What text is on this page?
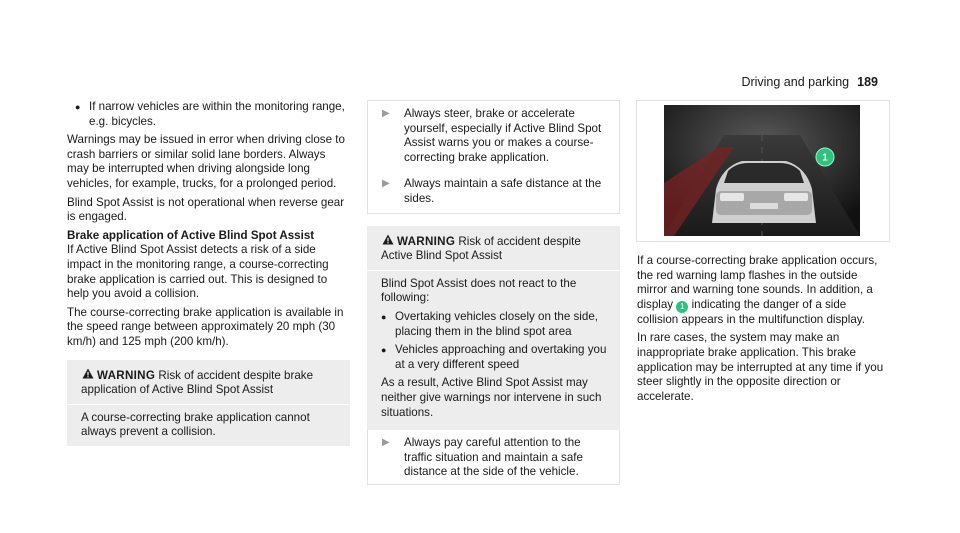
Driving and parking 189
● If narrow vehicles are within the monitoring range, e.g. bicycles.

Warnings may be issued in error when driving close to crash barriers or similar solid lane borders. Always may be interrupted when driving alongside long vehicles, for example, trucks, for a prolonged period.

Blind Spot Assist is not operational when reverse gear is engaged.

Brake application of Active Blind Spot Assist

If Active Blind Spot Assist detects a risk of a side impact in the monitoring range, a course-correcting brake application is carried out. This is designed to help you avoid a collision.

The course-correcting brake application is available in the speed range between approximately 20 mph (30 km/h) and 125 mph (200 km/h).

WARNING Risk of accident despite brake application of Active Blind Spot Assist
A course-correcting brake application cannot always prevent a collision.
▶	Always steer, brake or accelerate yourself, especially if Active Blind Spot Assist warns you or makes a course-correcting brake application.
▶	Always maintain a safe distance at the sides.
WARNING Risk of accident despite Active Blind Spot Assist

Blind Spot Assist does not react to the following:

● Overtaking vehicles closely on the side, placing them in the blind spot area
● Vehicles approaching and overtaking you at a very different speed

As a result, Active Blind Spot Assist may neither give warnings nor intervene in such situations.

▶	Always pay careful attention to the traffic situation and maintain a safe distance at the side of the vehicle.
1

If a course-correcting brake application occurs, the red warning lamp flashes in the outside mirror and warning tone sounds. In addition, a display 1 indicating the danger of a side collision appears in the multifunction display.

In rare cases, the system may make an inappropriate brake application. This brake application may be interrupted at any time if you steer slightly in the opposite direction or accelerate.
